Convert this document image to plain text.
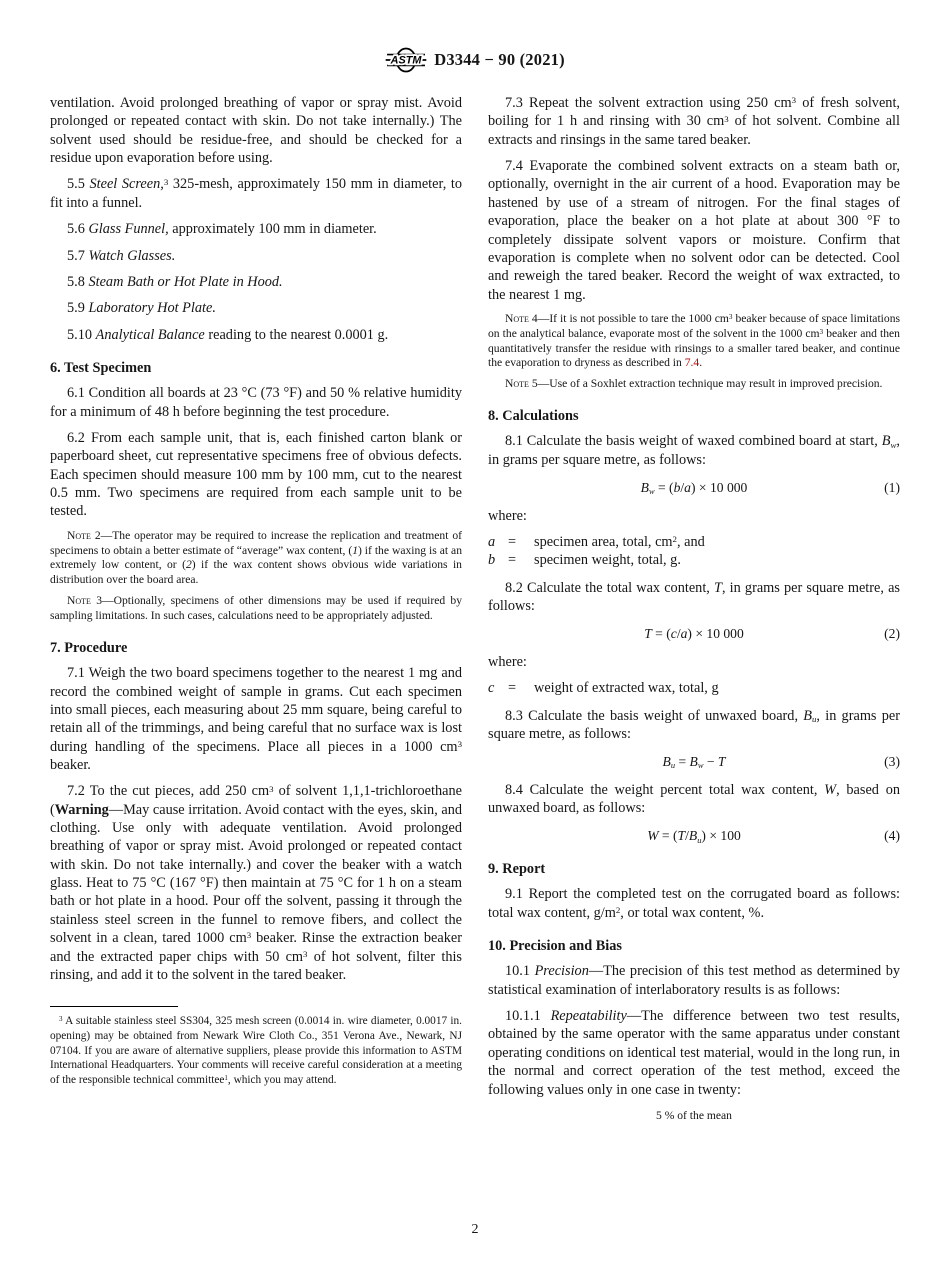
ASTM D3344 − 90 (2021)

ventilation. Avoid prolonged breathing of vapor or spray mist. Avoid prolonged or repeated contact with skin. Do not take internally.) The solvent used should be residue-free, and should be checked for a residue upon evaporation before using.

5.5 Steel Screen,$^3$ 325-mesh, approximately 150 mm in diameter, to fit into a funnel.

5.6 Glass Funnel, approximately 100 mm in diameter.

5.7 Watch Glasses.

5.8 Steam Bath or Hot Plate in Hood.

5.9 Laboratory Hot Plate.

5.10 Analytical Balance reading to the nearest 0.0001 g.

6. Test Specimen

6.1 Condition all boards at 23 °C (73 °F) and 50 % relative humidity for a minimum of 48 h before beginning the test procedure.

6.2 From each sample unit, that is, each finished carton blank or paperboard sheet, cut representative specimens free of obvious defects. Each specimen should measure 100 mm by 100 mm, cut to the nearest 0.5 mm. Two specimens are required from each sample unit to be tested.

Note 2—The operator may be required to increase the replication and treatment of specimens to obtain a better estimate of “average” wax content, (1) if the waxing is at an extremely low content, or (2) if the wax content shows obvious wide variations in distribution over the board area.

Note 3—Optionally, specimens of other dimensions may be used if required by sampling limitations. In such cases, calculations need to be appropriately adjusted.

7. Procedure

7.1 Weigh the two board specimens together to the nearest 1 mg and record the combined weight of sample in grams. Cut each specimen into small pieces, each measuring about 25 mm square, being careful to retain all of the trimmings, and being careful that no surface wax is lost during handling of the specimens. Place all pieces in a 1000 $cm^3$ beaker.

7.2 To the cut pieces, add 250 $cm^3$ of solvent 1,1,1-trichloroethane (Warning—May cause irritation. Avoid contact with the eyes, skin, and clothing. Use only with adequate ventilation. Avoid prolonged breathing of vapor or spray mist. Avoid prolonged or repeated contact with skin. Do not take internally.) and cover the beaker with a watch glass. Heat to 75 °C (167 °F) then maintain at 75 °C for 1 h on a steam bath or hot plate in a hood. Pour off the solvent, passing it through the stainless steel screen in the funnel to remove fibers, and collect the solvent in a clean, tared 1000 $cm^3$ beaker. Rinse the extraction beaker and the extracted paper chips with 50 $cm^3$ of hot solvent, filter this rinsing, and add it to the solvent in the tared beaker.

$^3$ A suitable stainless steel SS304, 325 mesh screen (0.0014 in. wire diameter, 0.0017 in. opening) may be obtained from Newark Wire Cloth Co., 351 Verona Ave., Newark, NJ 07104. If you are aware of alternative suppliers, please provide this information to ASTM International Headquarters. Your comments will receive careful consideration at a meeting of the responsible technical committee$^1$, which you may attend.

7.3 Repeat the solvent extraction using 250 $cm^3$ of fresh solvent, boiling for 1 h and rinsing with 30 $cm^3$ of hot solvent. Combine all extracts and rinsings in the same tared beaker.

7.4 Evaporate the combined solvent extracts on a steam bath or, optionally, overnight in the air current of a hood. Evaporation may be hastened by use of a stream of nitrogen. For the final stages of evaporation, place the beaker on a hot plate at about 300 °F to completely dissipate solvent vapors or moisture. Confirm that evaporation is complete when no solvent odor can be detected. Cool and reweigh the tared beaker. Record the weight of wax extracted, to the nearest 1 mg.

Note 4—If it is not possible to tare the 1000 $cm^3$ beaker because of space limitations on the analytical balance, evaporate most of the solvent in the 1000 $cm^3$ beaker and then quantitatively transfer the residue with rinsings to a smaller tared beaker, and continue the evaporation to dryness as described in 7.4.

Note 5—Use of a Soxhlet extraction technique may result in improved precision.

8. Calculations

8.1 Calculate the basis weight of waxed combined board at start, Bw, in grams per square metre, as follows:

Bw = (b/a) × 10 000	(1)

where:

a =	specimen area, total, $cm^2$, and
b =	specimen weight, total, g.

8.2 Calculate the total wax content, T, in grams per square metre, as follows:

T = (c/a) × 10 000	(2)

where:

c =	weight of extracted wax, total, g

8.3 Calculate the basis weight of unwaxed board, Bu, in grams per square metre, as follows:

Bu = Bw − T	(3)

8.4 Calculate the weight percent total wax content, W, based on unwaxed board, as follows:

W = (T/Bu) × 100	(4)
9. Report

9.1 Report the completed test on the corrugated board as follows: total wax content, $g/m^2$, or total wax content, %.

10. Precision and Bias

10.1 Precision—The precision of this test method as determined by statistical examination of interlaboratory results is as follows:

10.1.1 Repeatability—The difference between two test results, obtained by the same operator with the same apparatus under constant operating conditions on identical test material, would in the long run, in the normal and correct operation of the test method, exceed the following values only in one case in twenty:

5 % of the mean

2
